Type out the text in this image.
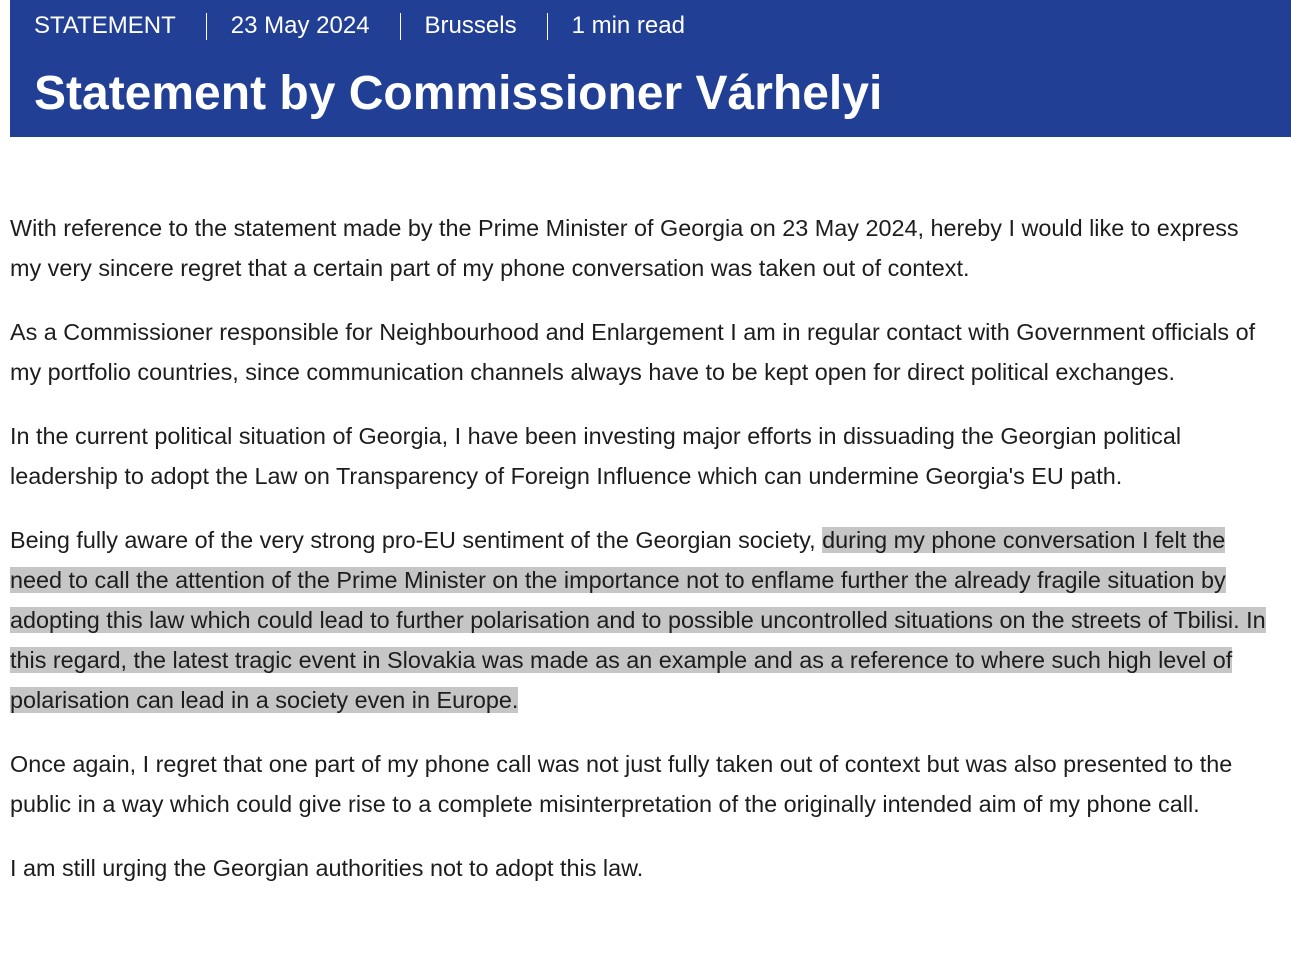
STATEMENT 23 May 2024 Brussels 1 min read
Statement by Commissioner Várhelyi

With reference to the statement made by the Prime Minister of Georgia on 23 May 2024, hereby I would like to express my very sincere regret that a certain part of my phone conversation was taken out of context.

As a Commissioner responsible for Neighbourhood and Enlargement I am in regular contact with Government officials of my portfolio countries, since communication channels always have to be kept open for direct political exchanges.

In the current political situation of Georgia, I have been investing major efforts in dissuading the Georgian political leadership to adopt the Law on Transparency of Foreign Influence which can undermine Georgia's EU path.

Being fully aware of the very strong pro-EU sentiment of the Georgian society, during my phone conversation I felt the need to call the attention of the Prime Minister on the importance not to enflame further the already fragile situation by adopting this law which could lead to further polarisation and to possible uncontrolled situations on the streets of Tbilisi. In this regard, the latest tragic event in Slovakia was made as an example and as a reference to where such high level of polarisation can lead in a society even in Europe.

Once again, I regret that one part of my phone call was not just fully taken out of context but was also presented to the public in a way which could give rise to a complete misinterpretation of the originally intended aim of my phone call.

I am still urging the Georgian authorities not to adopt this law.
